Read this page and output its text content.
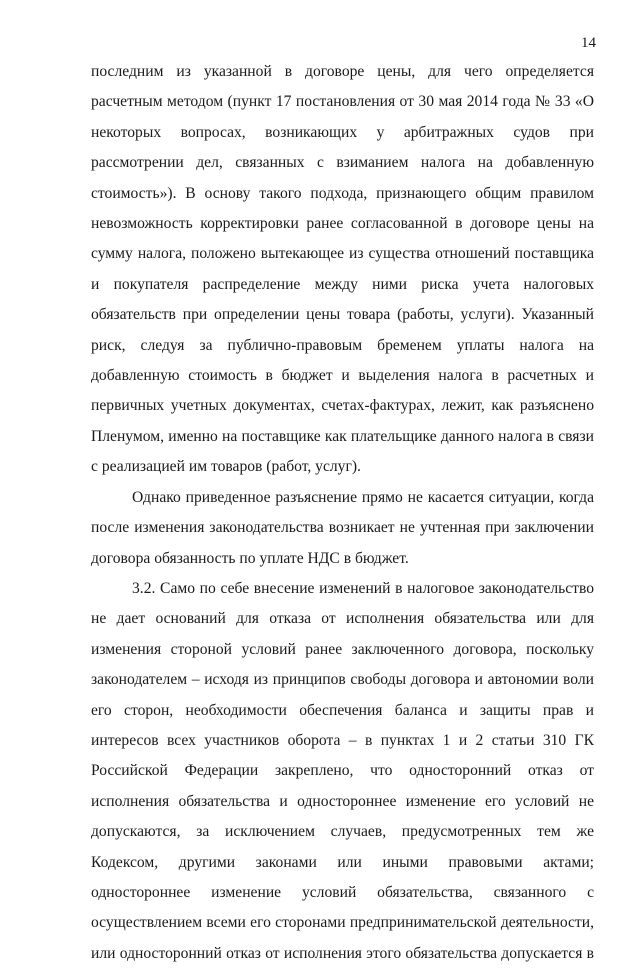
14

последним из указанной в договоре цены, для чего определяется
расчетным методом (пункт 17 постановления от 30 мая 2014 года № 33 «О
некоторых вопросах, возникающих у арбитражных судов при
рассмотрении дел, связанных с взиманием налога на добавленную
стоимость»). В основу такого подхода, признающего общим правилом
невозможность корректировки ранее согласованной в договоре цены на
сумму налога, положено вытекающее из существа отношений поставщика
и покупателя распределение между ними риска учета налоговых
обязательств при определении цены товара (работы, услуги). Указанный
риск, следуя за публично-правовым бременем уплаты налога на
добавленную стоимость в бюджет и выделения налога в расчетных и
первичных учетных документах, счетах-фактурах, лежит, как разъяснено
Пленумом, именно на поставщике как плательщике данного налога в связи
с реализацией им товаров (работ, услуг).

Однако приведенное разъяснение прямо не касается ситуации, когда
после изменения законодательства возникает не учтенная при заключении
договора обязанность по уплате НДС в бюджет.

3.2. Само по себе внесение изменений в налоговое законодательство
не дает оснований для отказа от исполнения обязательства или для
изменения стороной условий ранее заключенного договора, поскольку
законодателем – исходя из принципов свободы договора и автономии воли
его сторон, необходимости обеспечения баланса и защиты прав и
интересов всех участников оборота – в пунктах 1 и 2 статьи 310 ГК
Российской Федерации закреплено, что односторонний отказ от
исполнения обязательства и одностороннее изменение его условий не
допускаются, за исключением случаев, предусмотренных тем же
Кодексом, другими законами или иными правовыми актами;
одностороннее изменение условий обязательства, связанного с
осуществлением всеми его сторонами предпринимательской деятельности,
или односторонний отказ от исполнения этого обязательства допускается в
